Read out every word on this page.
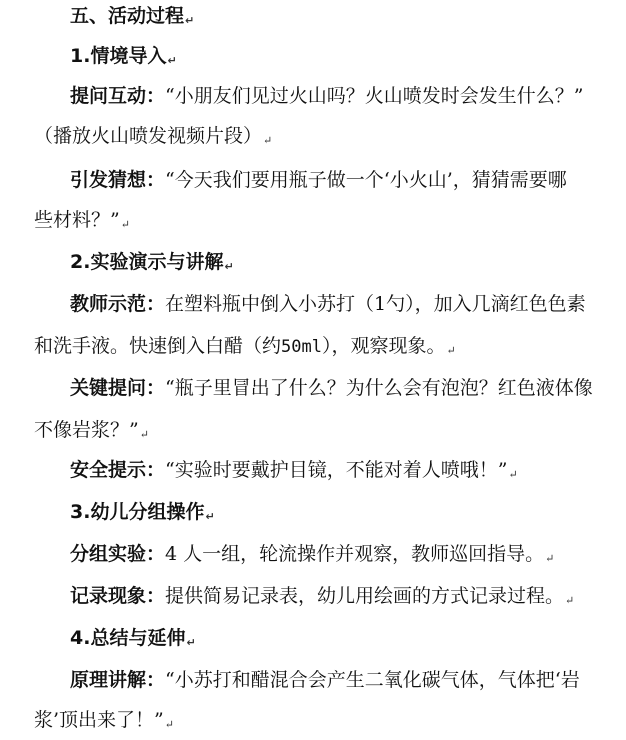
五、活动过程↵
1.情境导入↵
提问互动：“小朋友们见过火山吗？火山喷发时会发生什么？”
（播放火山喷发视频片段）↵
引发猜想：“今天我们要用瓶子做一个‘小火山’，猜猜需要哪
些材料？”↵
2.实验演示与讲解↵
教师示范：在塑料瓶中倒入小苏打（1勺），加入几滴红色色素
和洗手液。快速倒入白醋（约50ml），观察现象。↵
关键提问：“瓶子里冒出了什么？为什么会有泡泡？红色液体像
不像岩浆？”↵
安全提示：“实验时要戴护目镜，不能对着人喷哦！”↵
3.幼儿分组操作↵
分组实验：4 人一组，轮流操作并观察，教师巡回指导。↵
记录现象：提供简易记录表，幼儿用绘画的方式记录过程。↵
4.总结与延伸↵
原理讲解：“小苏打和醋混合会产生二氧化碳气体，气体把‘岩
浆’顶出来了！”↵
